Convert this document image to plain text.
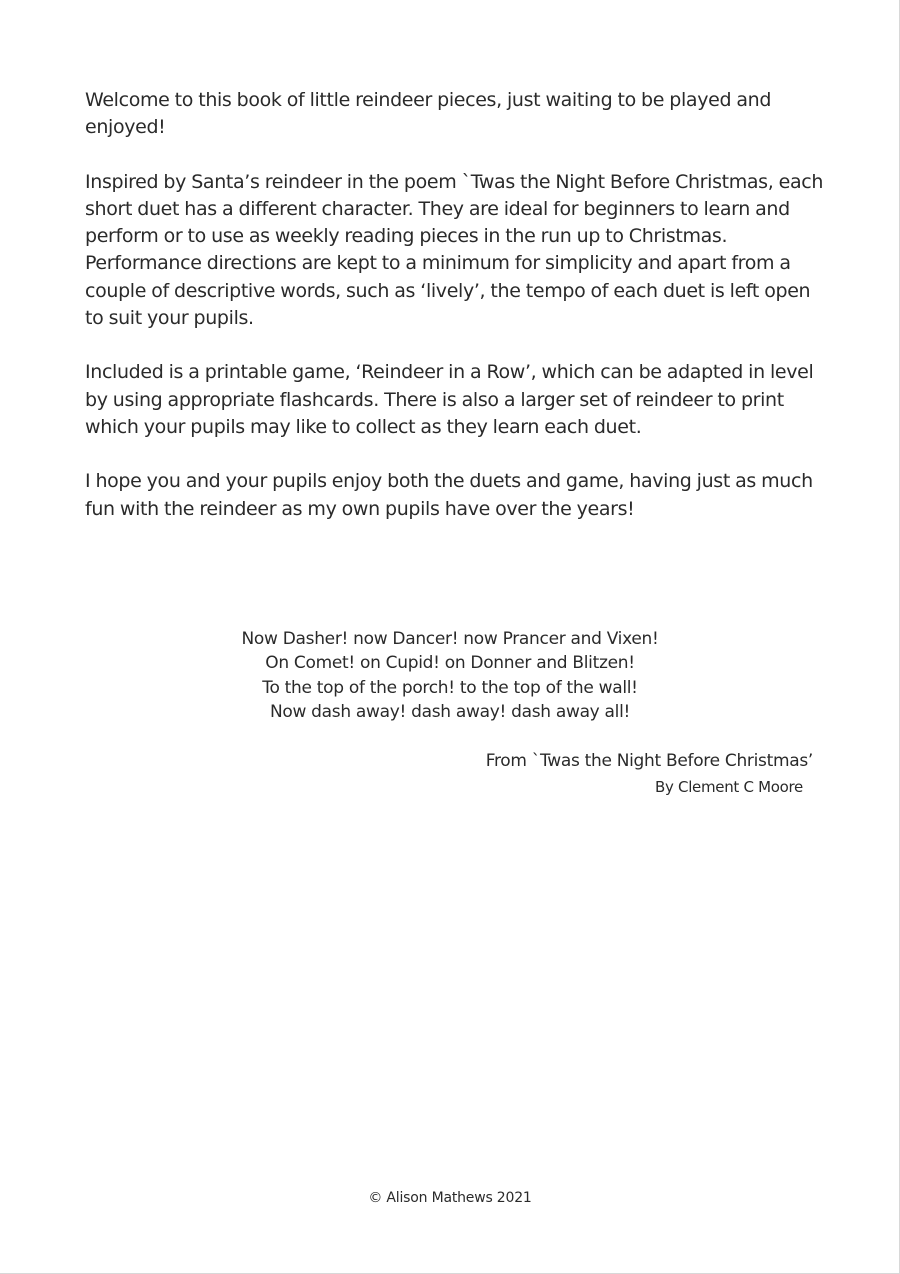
Welcome to this book of little reindeer pieces, just waiting to be played and enjoyed!

Inspired by Santa’s reindeer in the poem `Twas the Night Before Christmas, each short duet has a different character. They are ideal for beginners to learn and perform or to use as weekly reading pieces in the run up to Christmas. Performance directions are kept to a minimum for simplicity and apart from a couple of descriptive words, such as ‘lively’, the tempo of each duet is left open to suit your pupils.

Included is a printable game, ‘Reindeer in a Row’, which can be adapted in level by using appropriate flashcards. There is also a larger set of reindeer to print which your pupils may like to collect as they learn each duet.

I hope you and your pupils enjoy both the duets and game, having just as much fun with the reindeer as my own pupils have over the years!

Now Dasher! now Dancer! now Prancer and Vixen!
On Comet! on Cupid! on Donner and Blitzen!
To the top of the porch! to the top of the wall!
Now dash away! dash away! dash away all!
From `Twas the Night Before Christmas’
By Clement C Moore
© Alison Mathews 2021
